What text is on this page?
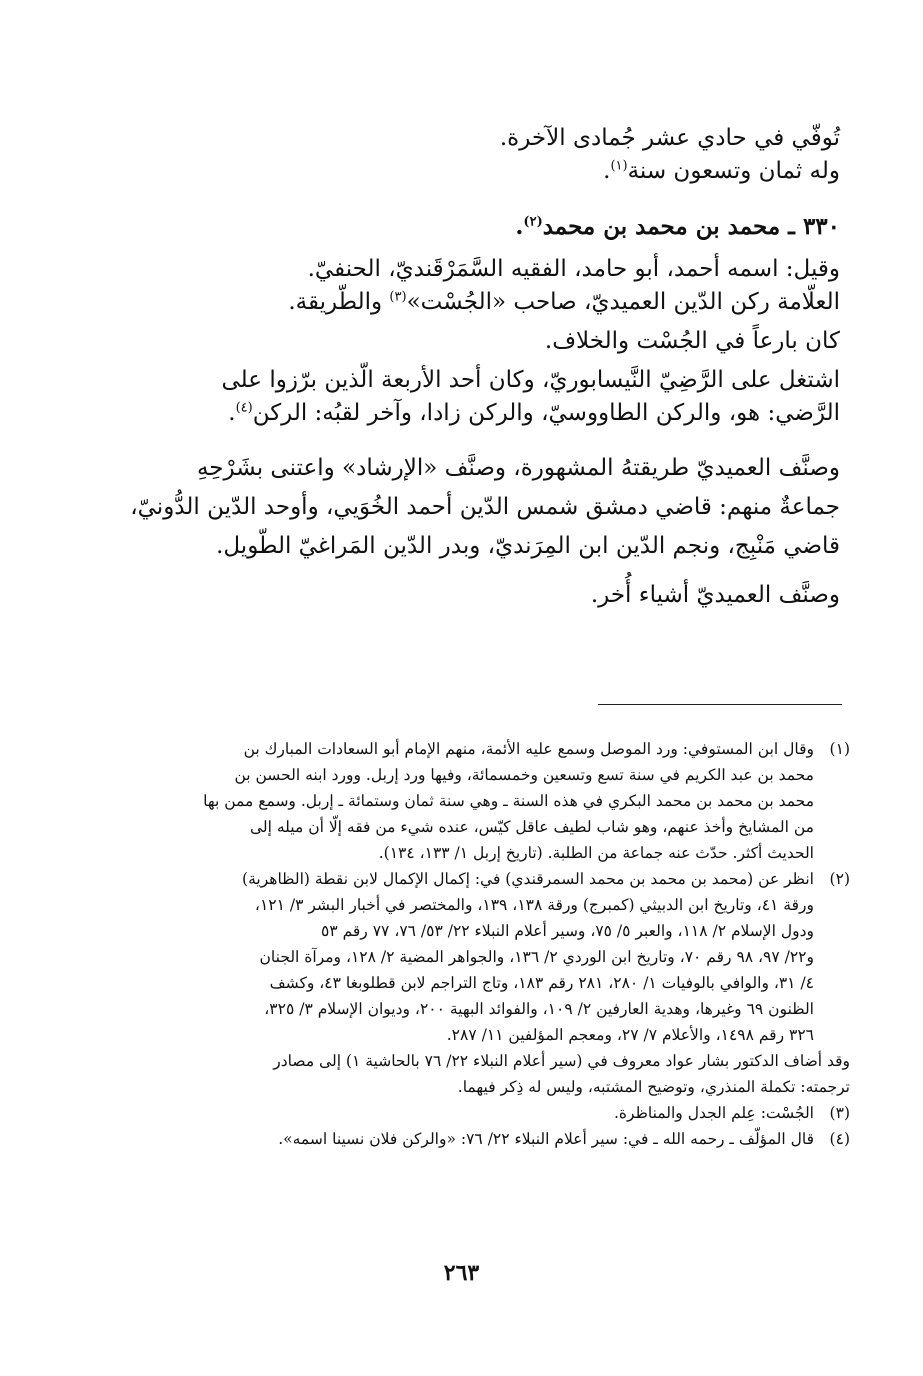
تُوفّي في حادي عشر جُمادى الآخرة.

وله ثمان وتسعون سنة$^{(١)}$.

٣٣٠ ـ محمد بن محمد بن محمد$^{(٢)}$.

وقيل: اسمه أحمد، أبو حامد، الفقيه السَّمَرْقَنديّ، الحنفيّ.

العلّامة ركن الدّين العميديّ، صاحب «الجُسْت»$^{(٣)}$ والطّريقة.

كان بارعاً في الجُسْت والخلاف.

اشتغل على الرَّضِيّ النَّيسابوريّ، وكان أحد الأربعة الّذين برّزوا على

الرَّضي: هو، والركن الطاووسيّ، والركن زادا، وآخر لقبُه: الركن$^{(٤)}$.

وصنَّف العميديّ طريقتهُ المشهورة، وصنَّف «الإرشاد» واعتنى بشَرْحِهِ

جماعةٌ منهم: قاضي دمشق شمس الدّين أحمد الخُوَيي، وأوحد الدّين الدُّونيّ،

قاضي مَنْبِج، ونجم الدّين ابن المِرَنديّ، وبدر الدّين المَراغيّ الطّويل.

وصنَّف العميديّ أشياء أُخر.

(١)

وقال ابن المستوفي: ورد الموصل وسمع عليه الأئمة، منهم الإمام أبو السعادات المبارك بن

محمد بن عبد الكريم في سنة تسع وتسعين وخمسمائة، وفيها ورد إربل. وورد ابنه الحسن بن

محمد بن محمد بن محمد البكري في هذه السنة ـ وهي سنة ثمان وستمائة ـ إربل. وسمع ممن بها

من المشايخ وأخذ عنهم، وهو شاب لطيف عاقل كيّس، عنده شيء من فقه إلّا أن ميله إلى

الحديث أكثر. حدّث عنه جماعة من الطلبة. (تاريخ إربل ١/ ١٣٣، ١٣٤).

(٢)

انظر عن (محمد بن محمد بن محمد السمرقندي) في: إكمال الإكمال لابن نقطة (الظاهرية)

ورقة ٤١، وتاريخ ابن الدبيثي (كمبرج) ورقة ١٣٨، ١٣٩، والمختصر في أخبار البشر ٣/ ١٢١،

ودول الإسلام ٢/ ١١٨، والعبر ٥/ ٧٥، وسير أعلام النبلاء ٢٢/ ٥٣/ ٧٦، ٧٧ رقم ٥٣

و٢٢/ ٩٧، ٩٨ رقم ٧٠، وتاريخ ابن الوردي ٢/ ١٣٦، والجواهر المضية ٢/ ١٢٨، ومرآة الجنان

٤/ ٣١، والوافي بالوفيات ١/ ٢٨٠، ٢٨١ رقم ١٨٣، وتاج التراجم لابن قطلوبغا ٤٣، وكشف

الظنون ٦٩ وغيرها، وهدية العارفين ٢/ ١٠٩، والفوائد البهية ٢٠٠، وديوان الإسلام ٣/ ٣٢٥،

٣٢٦ رقم ١٤٩٨، والأعلام ٧/ ٢٧، ومعجم المؤلفين ١١/ ٢٨٧.

وقد أضاف الدكتور بشار عواد معروف في (سير أعلام النبلاء ٢٢/ ٧٦ بالحاشية ١) إلى مصادر

ترجمته: تكملة المنذري، وتوضيح المشتبه، وليس له ذِكر فيهما.

(٣)

الجُسْت: عِلم الجدل والمناظرة.

(٤)

قال المؤلّف ـ رحمه الله ـ في: سير أعلام النبلاء ٢٢/ ٧٦: «والركن فلان نسينا اسمه».

٢٦٣
